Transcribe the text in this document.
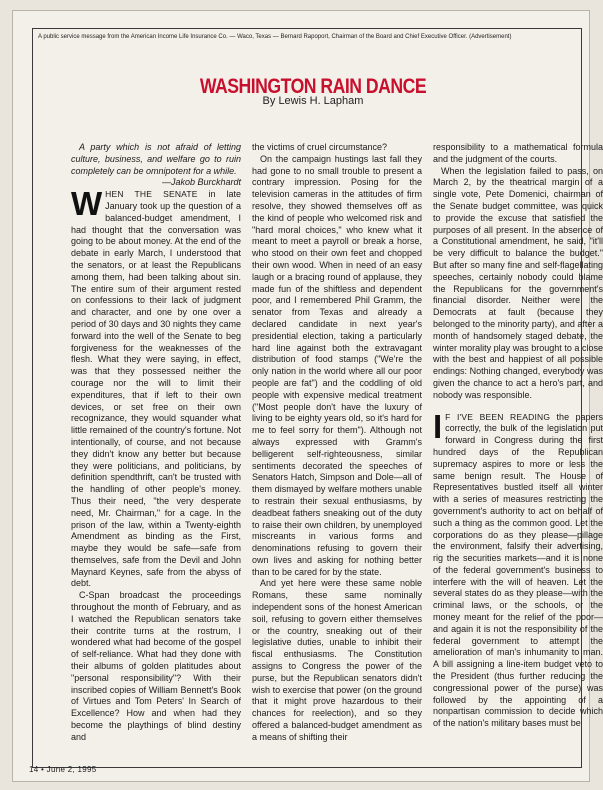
A public service message from the American Income Life Insurance Co. — Waco, Texas — Bernard Rapoport, Chairman of the Board and Chief Executive Officer. (Advertisement)
WASHINGTON RAIN DANCE
By Lewis H. Lapham

A party which is not afraid of letting culture, business, and welfare go to ruin completely can be omnipotent for a while.

—Jakob Burckhardt

WHEN THE SENATE in late January took up the question of a balanced-budget amendment, I had thought that the conversation was going to be about money. At the end of the debate in early March, I understood that the senators, or at least the Republicans among them, had been talking about sin. The entire sum of their argument rested on confessions to their lack of judgment and character, and one by one over a period of 30 days and 30 nights they came forward into the well of the Senate to beg forgiveness for the weaknesses of the flesh. What they were saying, in effect, was that they possessed neither the courage nor the will to limit their expenditures, that if left to their own devices, or set free on their own recognizance, they would squander what little remained of the country's fortune. Not intentionally, of course, and not because they didn't know any better but because they were politicians, and politicians, by definition spendthrift, can't be trusted with the handling of other people's money. Thus their need, "the very desperate need, Mr. Chairman," for a cage. In the prison of the law, within a Twenty-eighth Amendment as binding as the First, maybe they would be safe—safe from themselves, safe from the Devil and John Maynard Keynes, safe from the abyss of debt.

C-Span broadcast the proceedings throughout the month of February, and as I watched the Republican senators take their contrite turns at the rostrum, I wondered what had become of the gospel of self-reliance. What had they done with their albums of golden platitudes about "personal responsibility"? With their inscribed copies of William Bennett's Book of Virtues and Tom Peters' In Search of Excellence? How and when had they become the playthings of blind destiny and

the victims of cruel circumstance?

On the campaign hustings last fall they had gone to no small trouble to present a contrary impression. Posing for the television cameras in the attitudes of firm resolve, they showed themselves off as the kind of people who welcomed risk and "hard moral choices," who knew what it meant to meet a payroll or break a horse, who stood on their own feet and chopped their own wood. When in need of an easy laugh or a bracing round of applause, they made fun of the shiftless and dependent poor, and I remembered Phil Gramm, the senator from Texas and already a declared candidate in next year's presidential election, taking a particularly hard line against both the extravagant distribution of food stamps ("We're the only nation in the world where all our poor people are fat") and the coddling of old people with expensive medical treatment ("Most people don't have the luxury of living to be eighty years old, so it's hard for me to feel sorry for them"). Although not always expressed with Gramm's belligerent self-righteousness, similar sentiments decorated the speeches of Senators Hatch, Simpson and Dole—all of them dismayed by welfare mothers unable to restrain their sexual enthusiasms, by deadbeat fathers sneaking out of the duty to raise their own children, by unemployed miscreants in various forms and denominations refusing to govern their own lives and asking for nothing better than to be cared for by the state.

And yet here were these same noble Romans, these same nominally independent sons of the honest American soil, refusing to govern either themselves or the country, sneaking out of their legislative duties, unable to inhibit their fiscal enthusiasms. The Constitution assigns to Congress the power of the purse, but the Republican senators didn't wish to exercise that power (on the ground that it might prove hazardous to their chances for reelection), and so they offered a balanced-budget amendment as a means of shifting their

responsibility to a mathematical formula and the judgment of the courts.

When the legislation failed to pass, on March 2, by the theatrical margin of a single vote, Pete Domenici, chairman of the Senate budget committee, was quick to provide the excuse that satisfied the purposes of all present. In the absence of a Constitutional amendment, he said, "it'll be very difficult to balance the budget." But after so many fine and self-flagellating speeches, certainly nobody could blame the Republicans for the government's financial disorder. Neither were the Democrats at fault (because they belonged to the minority party), and after a month of handsomely staged debate, the winter morality play was brought to a close with the best and happiest of all possible endings: Nothing changed, everybody was given the chance to act a hero's part, and nobody was responsible.

IF I'VE BEEN READING the papers correctly, the bulk of the legislation put forward in Congress during the first hundred days of the Republican supremacy aspires to more or less the same benign result. The House of Representatives bustled itself all winter with a series of measures restricting the government's authority to act on behalf of such a thing as the common good. Let the corporations do as they please—pillage the environment, falsify their advertising, rig the securities markets—and it is none of the federal government's business to interfere with the will of heaven. Let the several states do as they please—with the criminal laws, or the schools, or the money meant for the relief of the poor—and again it is not the responsibility of the federal government to attempt the amelioration of man's inhumanity to man. A bill assigning a line-item budget veto to the President (thus further reducing the congressional power of the purse) was followed by the appointing of a nonpartisan commission to decide which of the nation's military bases must be

14 • June 2, 1995
